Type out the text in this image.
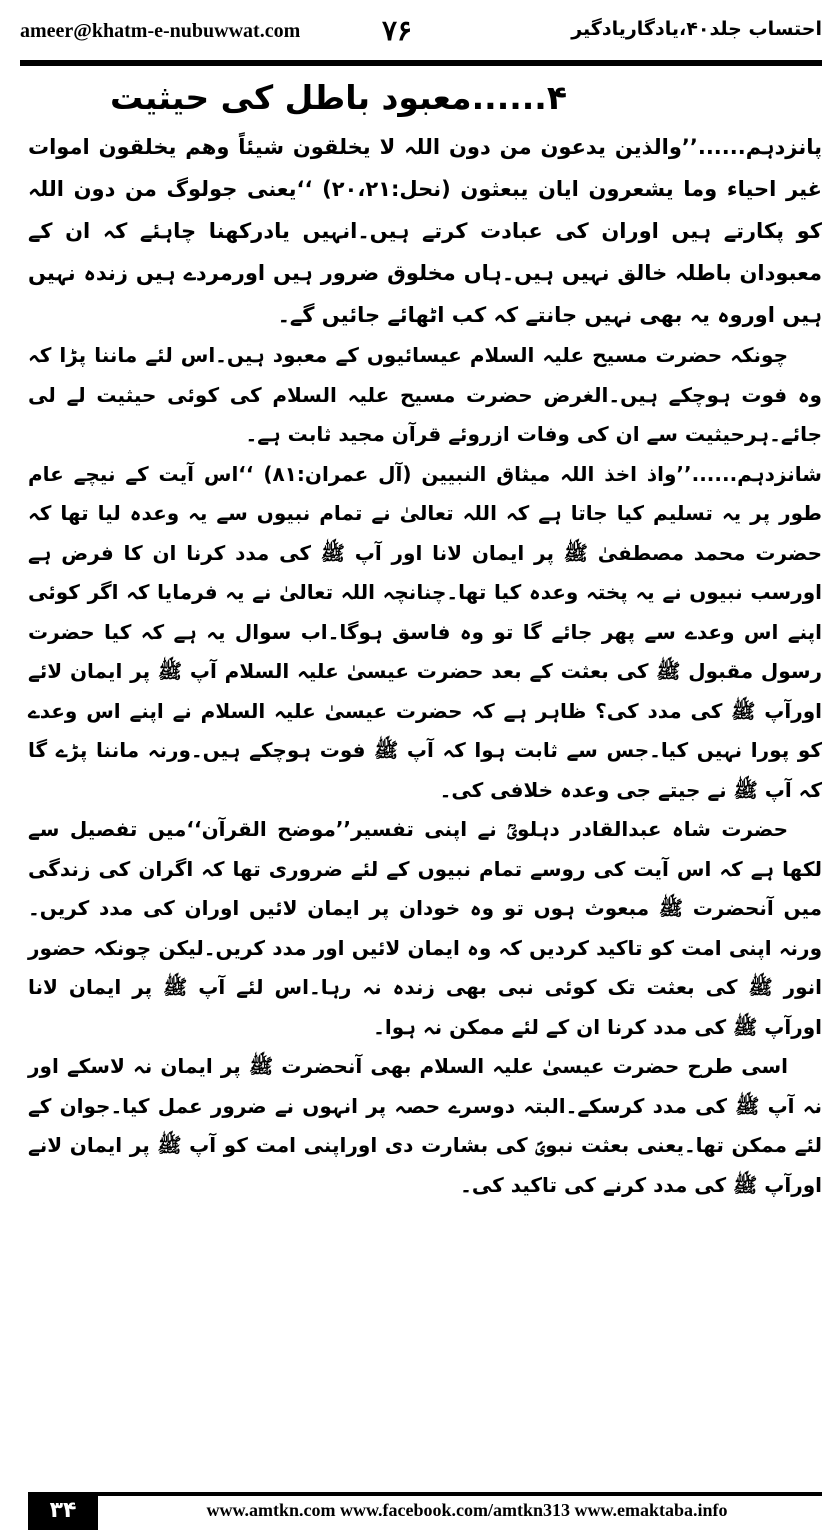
ameer@khatm-e-nubuwwat.com	۷۶	احتساب جلد۴۰،یادگاریادگیر
۴......معبود باطل کی حیثیت

پانزدہم......’’والذین یدعون من دون اللہ لا یخلقون شیئاً وھم یخلقون اموات غیر احیاء وما یشعرون ایان یبعثون (نحل:۲۰،۲۱) ‘‘یعنی جولوگ من دون اللہ کو پکارتے ہیں اوران کی عبادت کرتے ہیں۔انہیں یادرکھنا چاہئے کہ ان کے معبودان باطلہ خالق نہیں ہیں۔ہاں مخلوق ضرور ہیں اورمردے ہیں زندہ نہیں ہیں اوروہ یہ بھی نہیں جانتے کہ کب اٹھائے جائیں گے۔

چونکہ حضرت مسیح علیہ السلام عیسائیوں کے معبود ہیں۔اس لئے ماننا پڑا کہ وہ فوت ہوچکے ہیں۔الغرض حضرت مسیح علیہ السلام کی کوئی حیثیت لے لی جائے۔ہرحیثیت سے ان کی وفات ازروئے قرآن مجید ثابت ہے۔

شانزدہم......’’واذ اخذ اللہ میثاق النبیین (آل عمران:۸۱) ‘‘اس آیت کے نیچے عام طور پر یہ تسلیم کیا جاتا ہے کہ اللہ تعالیٰ نے تمام نبیوں سے یہ وعدہ لیا تھا کہ حضرت محمد مصطفیٰ ﷺ پر ایمان لانا اور آپ ﷺ کی مدد کرنا ان کا فرض ہے اورسب نبیوں نے یہ پختہ وعدہ کیا تھا۔چنانچہ اللہ تعالیٰ نے یہ فرمایا کہ اگر کوئی اپنے اس وعدے سے پھر جائے گا تو وہ فاسق ہوگا۔اب سوال یہ ہے کہ کیا حضرت رسول مقبول ﷺ کی بعثت کے بعد حضرت عیسیٰ علیہ السلام آپ ﷺ پر ایمان لائے اورآپ ﷺ کی مدد کی؟ ظاہر ہے کہ حضرت عیسیٰ علیہ السلام نے اپنے اس وعدے کو پورا نہیں کیا۔جس سے ثابت ہوا کہ آپ ﷺ فوت ہوچکے ہیں۔ورنہ ماننا پڑے گا کہ آپ ﷺ نے جیتے جی وعدہ خلافی کی۔

حضرت شاہ عبدالقادر دہلویؒ نے اپنی تفسیر’’موضح القرآن‘‘میں تفصیل سے لکھا ہے کہ اس آیت کی روسے تمام نبیوں کے لئے ضروری تھا کہ اگران کی زندگی میں آنحضرت ﷺ مبعوث ہوں تو وہ خودان پر ایمان لائیں اوران کی مدد کریں۔ورنہ اپنی امت کو تاکید کردیں کہ وہ ایمان لائیں اور مدد کریں۔لیکن چونکہ حضور انور ﷺ کی بعثت تک کوئی نبی بھی زندہ نہ رہا۔اس لئے آپ ﷺ پر ایمان لانا اورآپ ﷺ کی مدد کرنا ان کے لئے ممکن نہ ہوا۔

اسی طرح حضرت عیسیٰ علیہ السلام بھی آنحضرت ﷺ پر ایمان نہ لاسکے اور نہ آپ ﷺ کی مدد کرسکے۔البتہ دوسرے حصہ پر انہوں نے ضرور عمل کیا۔جوان کے لئے ممکن تھا۔یعنی بعثت نبویؐ کی بشارت دی اوراپنی امت کو آپ ﷺ پر ایمان لانے اورآپ ﷺ کی مدد کرنے کی تاکید کی۔

۳۴	www.amtkn.com www.facebook.com/amtkn313 www.emaktaba.info
